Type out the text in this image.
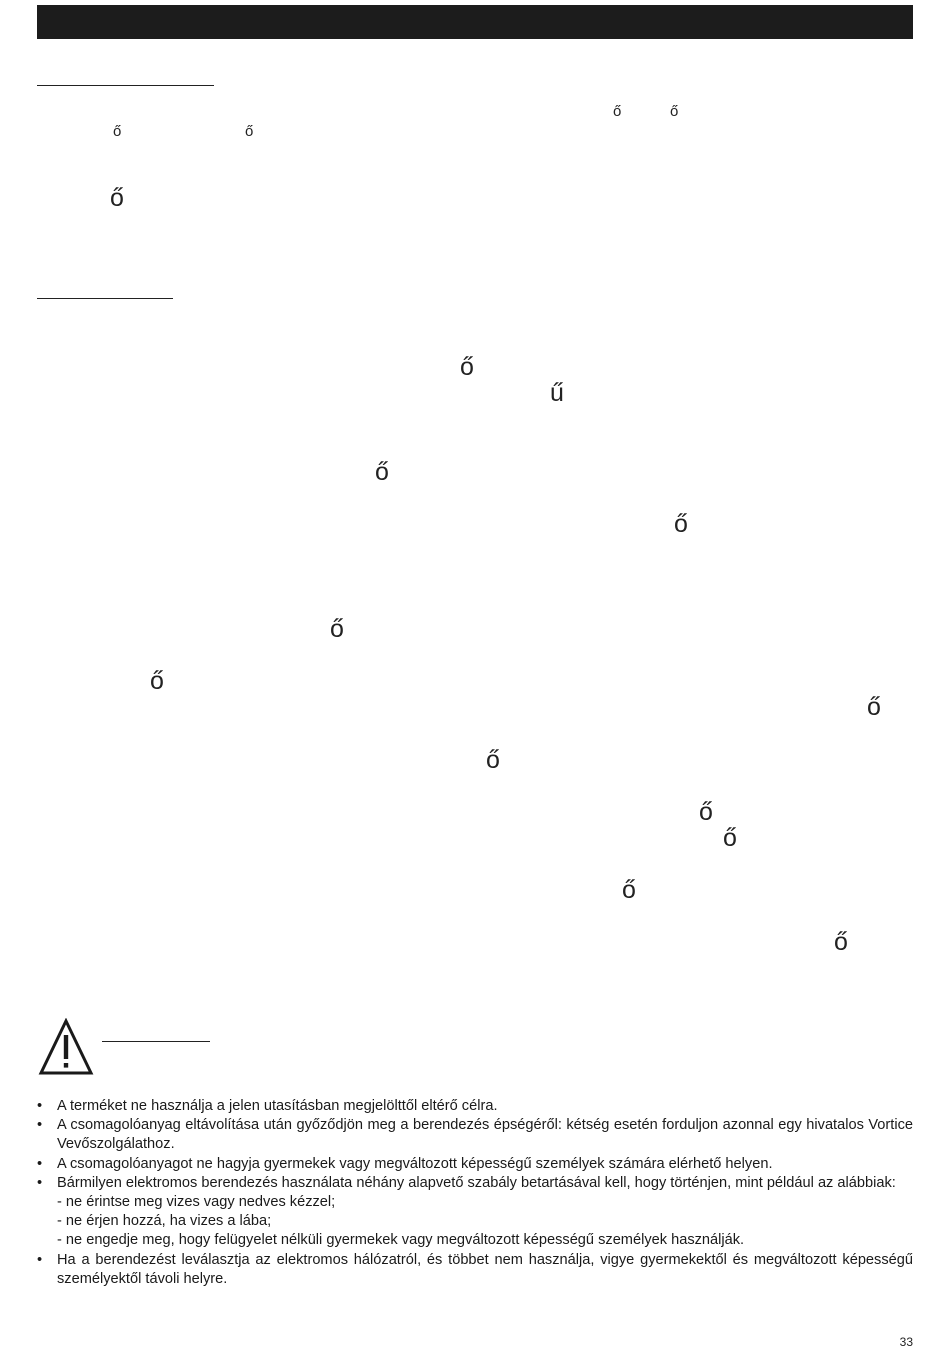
ő	ő
ő	ő
ő
ő
ű
ő
ő
ő
ő
ő
ő
ő
ő
ő
ő
• A terméket ne használja a jelen utasításban megjelölttől eltérő célra.
• A csomagolóanyag eltávolítása után győződjön meg a berendezés épségéről: kétség esetén forduljon azonnal egy hivatalos Vortice Vevőszolgálathoz.
• A csomagolóanyagot ne hagyja gyermekek vagy megváltozott képességű személyek számára elérhető helyen.
• Bármilyen elektromos berendezés használata néhány alapvető szabály betartásával kell, hogy történjen, mint például az alábbiak:
- ne érintse meg vizes vagy nedves kézzel;
- ne érjen hozzá, ha vizes a lába;
- ne engedje meg, hogy felügyelet nélküli gyermekek vagy megváltozott képességű személyek használják.
• Ha a berendezést leválasztja az elektromos hálózatról, és többet nem használja, vigye gyermekektől és megváltozott képességű személyektől távoli helyre.
33
